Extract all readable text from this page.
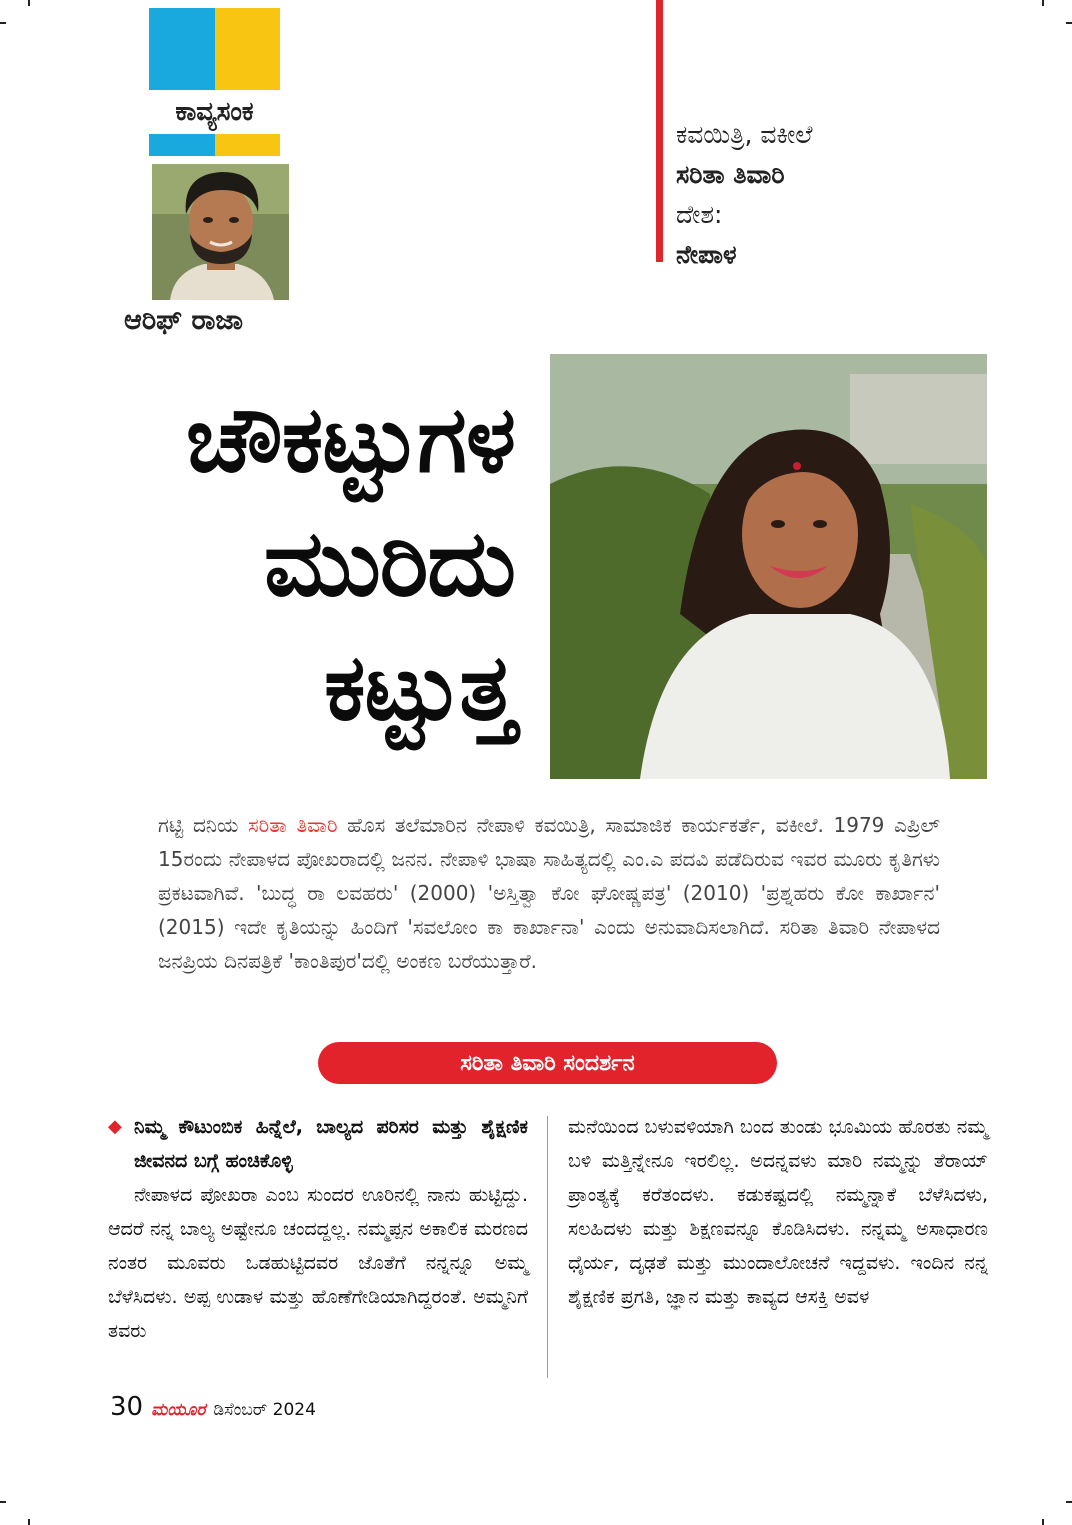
ಕಾವ್ಯಸಂಕ
ಆರಿಫ್ ರಾಜಾ
ಕವಯಿತ್ರಿ, ವಕೀಲೆ
ಸರಿತಾ ತಿವಾರಿ
ದೇಶ:
ನೇಪಾಳ
ಚೌಕಟ್ಟುಗಳ
ಮುರಿದು
ಕಟ್ಟುತ್ತ
ಗಟ್ಟಿ ದನಿಯ ಸರಿತಾ ತಿವಾರಿ ಹೊಸ ತಲೆಮಾರಿನ ನೇಪಾಳಿ ಕವಯಿತ್ರಿ, ಸಾಮಾಜಿಕ ಕಾರ್ಯಕರ್ತೆ, ವಕೀಲೆ. 1979 ಎಪ್ರಿಲ್ 15ರಂದು ನೇಪಾಳದ ಪೋಖರಾದಲ್ಲಿ ಜನನ. ನೇಪಾಳಿ ಭಾಷಾ ಸಾಹಿತ್ಯದಲ್ಲಿ ಎಂ.ಎ ಪದವಿ ಪಡೆದಿರುವ ಇವರ ಮೂರು ಕೃತಿಗಳು ಪ್ರಕಟವಾಗಿವೆ. 'ಬುದ್ಧ ರಾ ಲವಹರು' (2000) 'ಅಸ್ತಿತ್ವಾ ಕೋ ಘೋಷ್ಣಪತ್ರ' (2010) 'ಪ್ರಶ್ನಹರು ಕೋ ಕಾರ್ಖಾನ' (2015) ಇದೇ ಕೃತಿಯನ್ನು ಹಿಂದಿಗೆ 'ಸವಲೋಂ ಕಾ ಕಾರ್ಖಾನಾ' ಎಂದು ಅನುವಾದಿಸಲಾಗಿದೆ. ಸರಿತಾ ತಿವಾರಿ ನೇಪಾಳದ ಜನಪ್ರಿಯ ದಿನಪತ್ರಿಕೆ 'ಕಾಂತಿಪುರ'ದಲ್ಲಿ ಅಂಕಣ ಬರೆಯುತ್ತಾರೆ.
ಸರಿತಾ ತಿವಾರಿ ಸಂದರ್ಶನ
◆ ನಿಮ್ಮ ಕೌಟುಂಬಿಕ ಹಿನ್ನೆಲೆ, ಬಾಲ್ಯದ ಪರಿಸರ ಮತ್ತು ಶೈಕ್ಷಣಿಕ ಜೀವನದ ಬಗ್ಗೆ ಹಂಚಿಕೊಳ್ಳಿ
ನೇಪಾಳದ ಪೋಖರಾ ಎಂಬ ಸುಂದರ ಊರಿನಲ್ಲಿ ನಾನು ಹುಟ್ಟಿದ್ದು. ಆದರೆ ನನ್ನ ಬಾಲ್ಯ ಅಷ್ಟೇನೂ ಚಂದದ್ದಲ್ಲ. ನಮ್ಮಪ್ಪನ ಅಕಾಲಿಕ ಮರಣದ ನಂತರ ಮೂವರು ಒಡಹುಟ್ಟಿದವರ ಜೊತೆಗೆ ನನ್ನನ್ನೂ ಅಮ್ಮ ಬೆಳೆಸಿದಳು. ಅಪ್ಪ ಉಡಾಳ ಮತ್ತು ಹೊಣೆಗೇಡಿಯಾಗಿದ್ದರಂತೆ. ಅಮ್ಮನಿಗೆ ತವರು
ಮನೆಯಿಂದ ಬಳುವಳಿಯಾಗಿ ಬಂದ ತುಂಡು ಭೂಮಿಯ ಹೊರತು ನಮ್ಮ ಬಳಿ ಮತ್ತಿನ್ನೇನೂ ಇರಲಿಲ್ಲ. ಅದನ್ನವಳು ಮಾರಿ ನಮ್ಮನ್ನು ತೆರಾಯ್ ಪ್ರಾಂತ್ಯಕ್ಕೆ ಕರೆತಂದಳು. ಕಡುಕಷ್ಟದಲ್ಲಿ ನಮ್ಮನ್ನಾಕೆ ಬೆಳೆಸಿದಳು, ಸಲಹಿದಳು ಮತ್ತು ಶಿಕ್ಷಣವನ್ನೂ ಕೊಡಿಸಿದಳು. ನನ್ನಮ್ಮ ಅಸಾಧಾರಣ ಧೈರ್ಯ, ದೃಢತೆ ಮತ್ತು ಮುಂದಾಲೋಚನೆ ಇದ್ದವಳು. ಇಂದಿನ ನನ್ನ ಶೈಕ್ಷಣಿಕ ಪ್ರಗತಿ, ಜ್ಞಾನ ಮತ್ತು ಕಾವ್ಯದ ಆಸಕ್ತಿ ಅವಳ
30 ಮಯೂರ ಡಿಸೆಂಬರ್ 2024
